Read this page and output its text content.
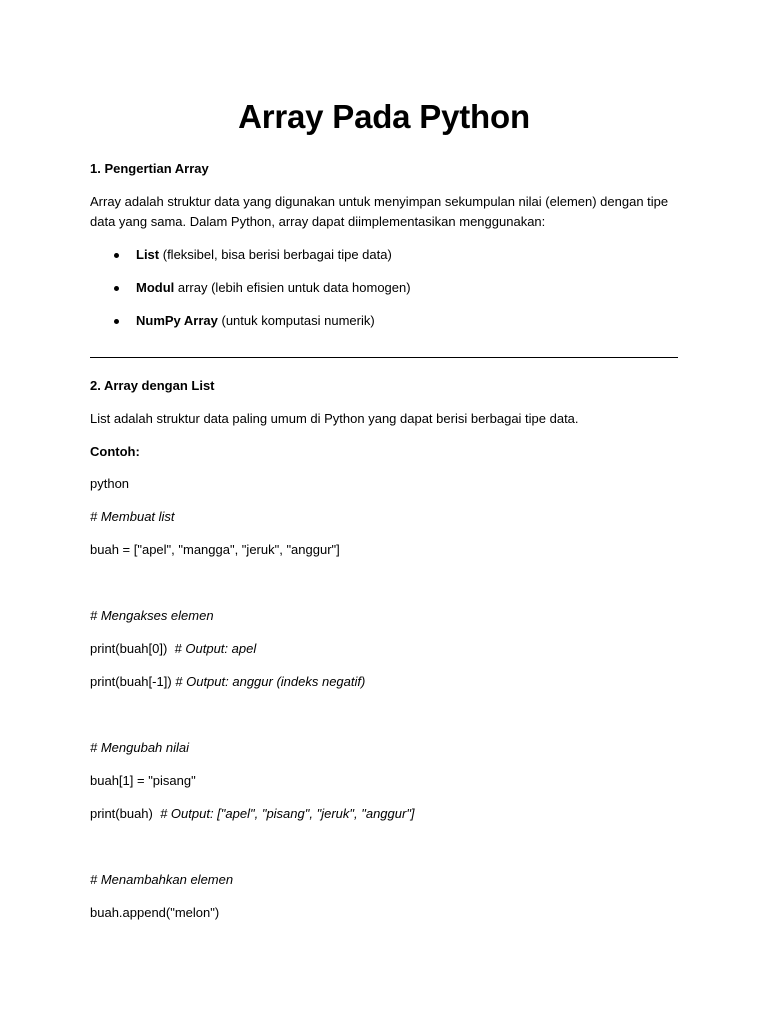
Array Pada Python
1. Pengertian Array
Array adalah struktur data yang digunakan untuk menyimpan sekumpulan nilai (elemen) dengan tipe
data yang sama. Dalam Python, array dapat diimplementasikan menggunakan:
List (fleksibel, bisa berisi berbagai tipe data)
Modul array (lebih efisien untuk data homogen)
NumPy Array (untuk komputasi numerik)
2. Array dengan List
List adalah struktur data paling umum di Python yang dapat berisi berbagai tipe data.
Contoh:
python
# Membuat list
buah = ["apel", "mangga", "jeruk", "anggur"]
# Mengakses elemen
print(buah[0])  # Output: apel
print(buah[-1]) # Output: anggur (indeks negatif)
# Mengubah nilai
buah[1] = "pisang"
print(buah)  # Output: ["apel", "pisang", "jeruk", "anggur"]
# Menambahkan elemen
buah.append("melon")
